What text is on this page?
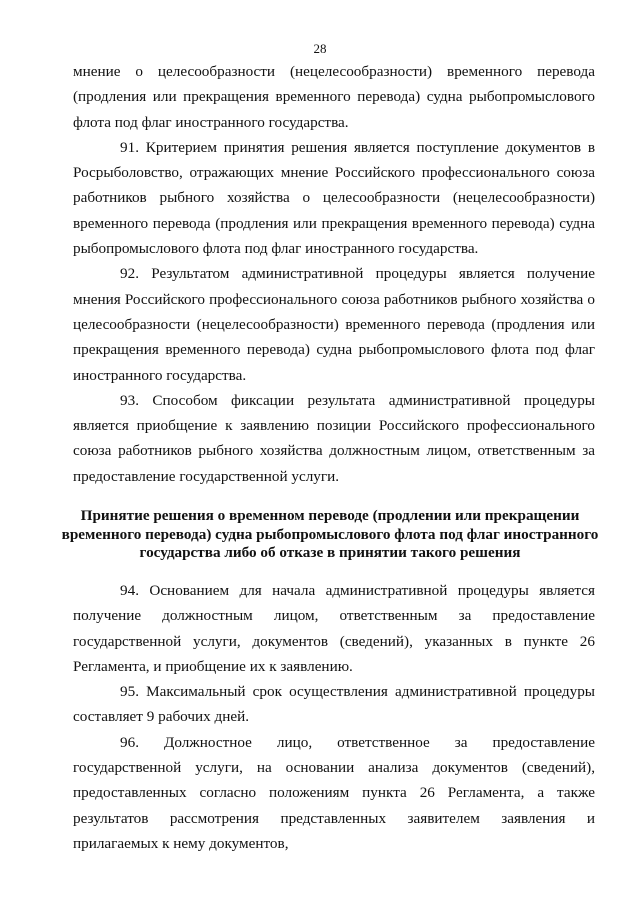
28

мнение о целесообразности (нецелесообразности) временного перевода (продления или прекращения временного перевода) судна рыбопромыслового флота под флаг иностранного государства.

91. Критерием принятия решения является поступление документов в Росрыболовство, отражающих мнение Российского профессионального союза работников рыбного хозяйства о целесообразности (нецелесообразности) временного перевода (продления или прекращения временного перевода) судна рыбопромыслового флота под флаг иностранного государства.

92. Результатом административной процедуры является получение мнения Российского профессионального союза работников рыбного хозяйства о целесообразности (нецелесообразности) временного перевода (продления или прекращения временного перевода) судна рыбопромыслового флота под флаг иностранного государства.

93. Способом фиксации результата административной процедуры является приобщение к заявлению позиции Российского профессионального союза работников рыбного хозяйства должностным лицом, ответственным за предоставление государственной услуги.

Принятие решения о временном переводе (продлении или прекращении временного перевода) судна рыбопромыслового флота под флаг иностранного государства либо об отказе в принятии такого решения

94. Основанием для начала административной процедуры является получение должностным лицом, ответственным за предоставление государственной услуги, документов (сведений), указанных в пункте 26 Регламента, и приобщение их к заявлению.

95. Максимальный срок осуществления административной процедуры составляет 9 рабочих дней.

96. Должностное лицо, ответственное за предоставление государственной услуги, на основании анализа документов (сведений), предоставленных согласно положениям пункта 26 Регламента, а также результатов рассмотрения представленных заявителем заявления и прилагаемых к нему документов,
